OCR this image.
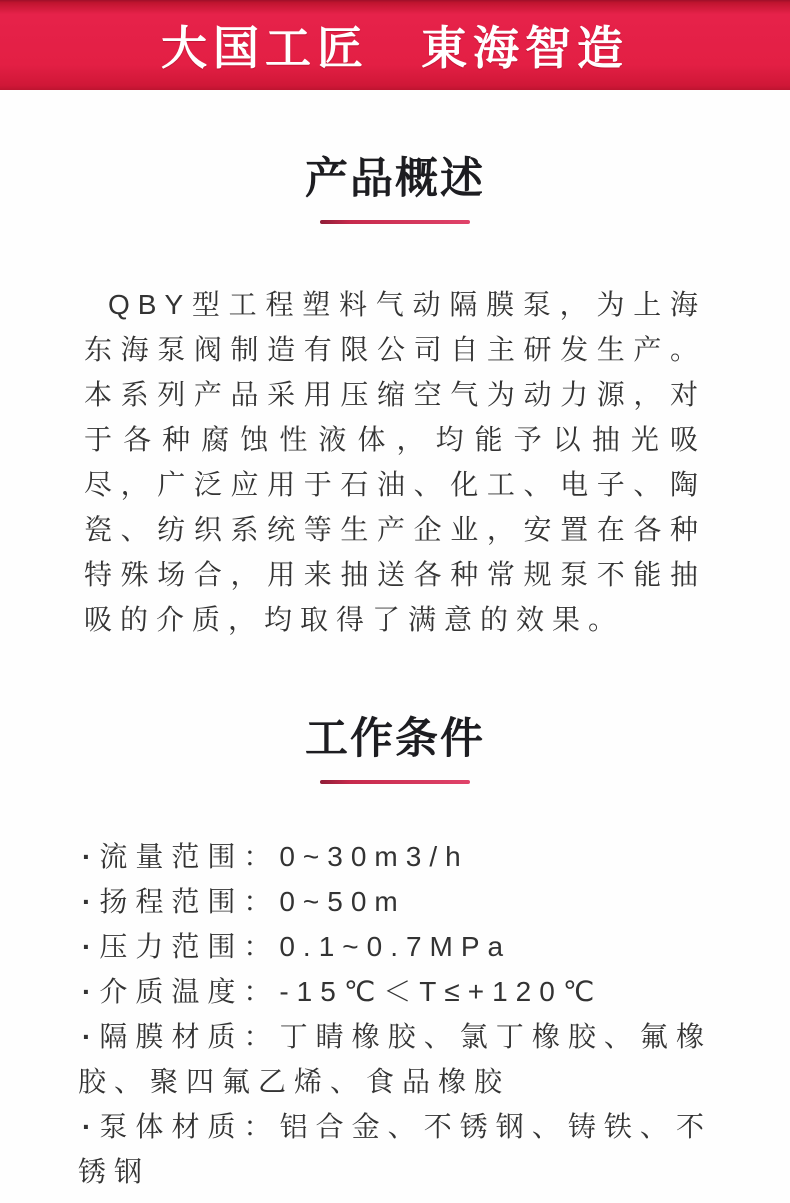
大国工匠　東海智造
产品概述

QBY型工程塑料气动隔膜泵，为上海东海泵阀制造有限公司自主研发生产。本系列产品采用压缩空气为动力源，对于各种腐蚀性液体，均能予以抽光吸尽，广泛应用于石油、化工、电子、陶瓷、纺织系统等生产企业，安置在各种特殊场合，用来抽送各种常规泵不能抽吸的介质，均取得了满意的效果。

工作条件

· 流量范围：0~30m3/h

· 扬程范围：0~50m

· 压力范围：0.1~0.7MPa

· 介质温度：-15℃＜T≤+120℃

· 隔膜材质：丁睛橡胶、氯丁橡胶、氟橡胶、聚四氟乙烯、食品橡胶

· 泵体材质：铝合金、不锈钢、铸铁、不锈钢
